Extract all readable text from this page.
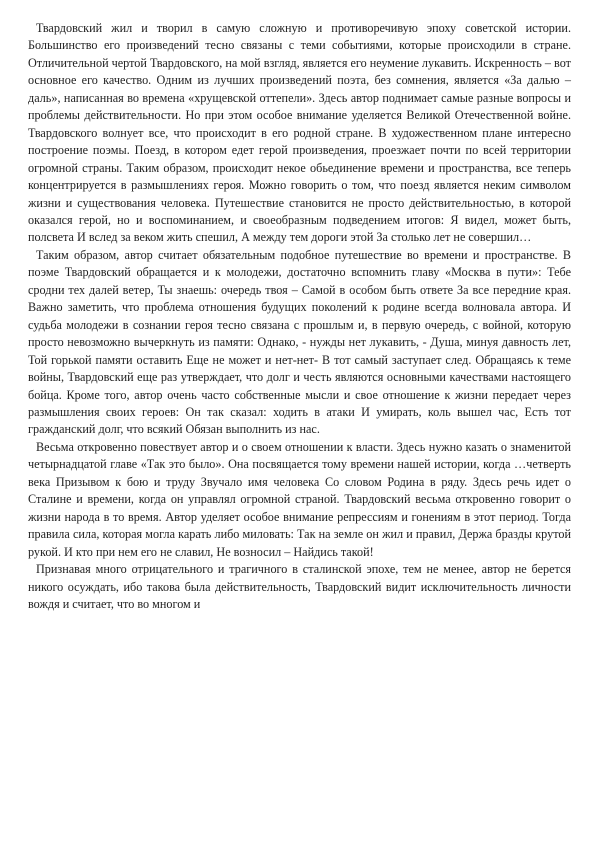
Твардовский жил и творил в самую сложную и противоречивую эпоху советской истории. Большинство его произведений тесно связаны с теми событиями, которые происходили в стране. Отличительной чертой Твардовского, на мой взгляд, является его неумение лукавить. Искренность – вот основное его качество. Одним из лучших произведений поэта, без сомнения, является «За далью – даль», написанная во времена «хрущевской оттепели». Здесь автор поднимает самые разные вопросы и проблемы действительности. Но при этом особое внимание уделяется Великой Отечественной войне. Твардовского волнует все, что происходит в его родной стране. В художественном плане интересно построение поэмы. Поезд, в котором едет герой произведения, проезжает почти по всей территории огромной страны. Таким образом, происходит некое обьединение времени и пространства, все теперь концентрируется в размышлениях героя. Можно говорить о том, что поезд является неким символом жизни и существования человека. Путешествие становится не просто действительностью, в которой оказался герой, но и воспоминанием, и своеобразным подведением итогов: Я видел, может быть, полсвета И вслед за веком жить спешил, А между тем дороги этой За столько лет не совершил…

Таким образом, автор считает обязательным подобное путешествие во времени и пространстве. В поэме Твардовский обращается и к молодежи, достаточно вспомнить главу «Москва в пути»: Тебе сродни тех далей ветер, Ты знаешь: очередь твоя – Самой в особом быть ответе За все передние края. Важно заметить, что проблема отношения будущих поколений к родине всегда волновала автора. И судьба молодежи в сознании героя тесно связана с прошлым и, в первую очередь, с войной, которую просто невозможно вычеркнуть из памяти: Однако, - нужды нет лукавить, - Душа, минуя давность лет, Той горькой памяти оставить Еще не может и нет-нет- В тот самый заступает след. Обращаясь к теме войны, Твардовский еще раз утверждает, что долг и честь являются основными качествами настоящего бойца. Кроме того, автор очень часто собственные мысли и свое отношение к жизни передает через размышления своих героев: Он так сказал: ходить в атаки И умирать, коль вышел час, Есть тот гражданский долг, что всякий Обязан выполнить из нас.

Весьма откровенно повествует автор и о своем отношении к власти. Здесь нужно казать о знаменитой четырнадцатой главе «Так это было». Она посвящается тому времени нашей истории, когда …четверть века Призывом к бою и труду Звучало имя человека Со словом Родина в ряду. Здесь речь идет о Сталине и времени, когда он управлял огромной страной. Твардовский весьма откровенно говорит о жизни народа в то время. Автор уделяет особое внимание репрессиям и гонениям в этот период. Тогда правила сила, которая могла карать либо миловать: Так на земле он жил и правил, Держа бразды крутой рукой. И кто при нем его не славил, Не возносил – Найдись такой!

Признавая много отрицательного и трагичного в сталинской эпохе, тем не менее, автор не берется никого осуждать, ибо такова была действительность, Твардовский видит исключительность личности вождя и считает, что во многом и
